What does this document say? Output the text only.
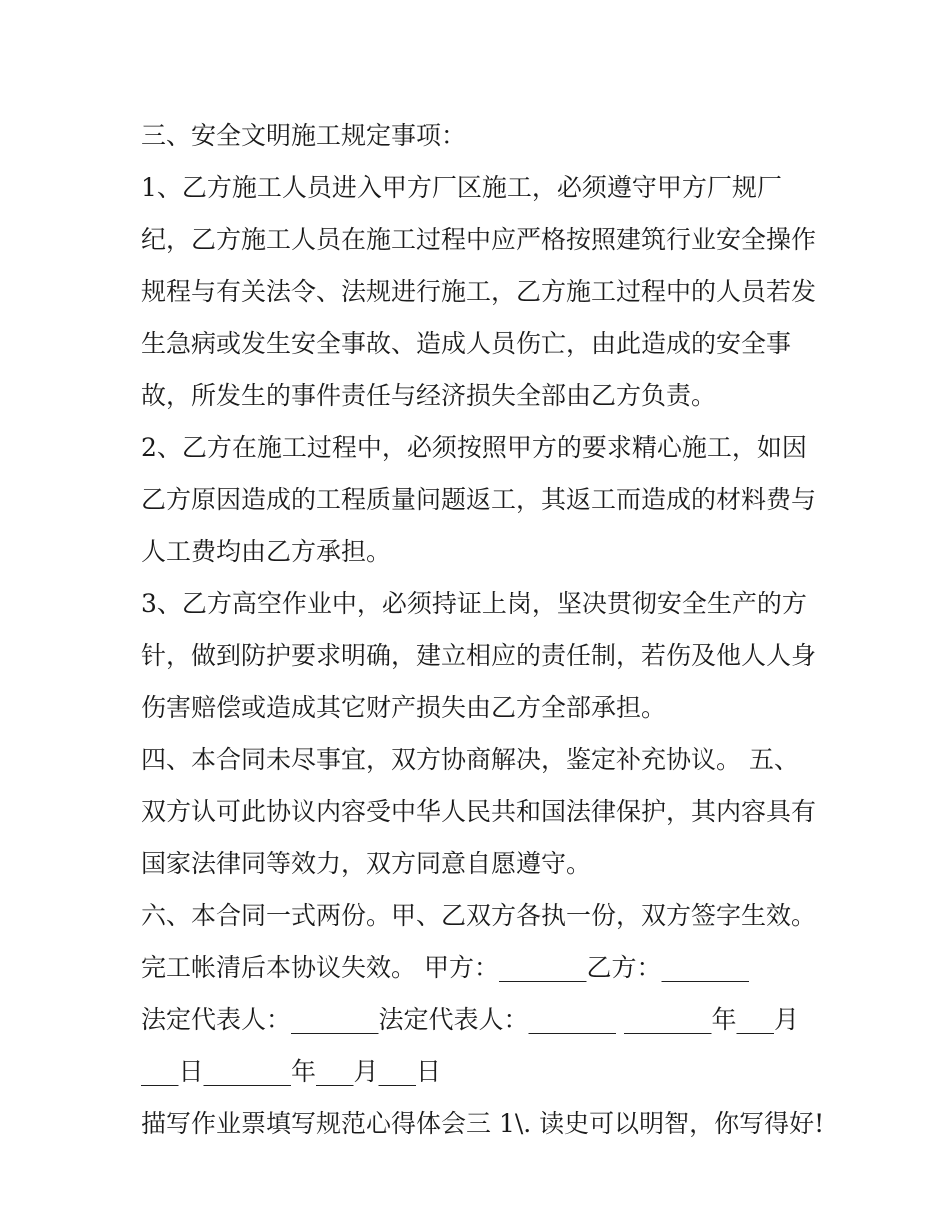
三、安全文明施工规定事项：
1、乙方施工人员进入甲方厂区施工，必须遵守甲方厂规厂
纪，乙方施工人员在施工过程中应严格按照建筑行业安全操作
规程与有关法令、法规进行施工，乙方施工过程中的人员若发
生急病或发生安全事故、造成人员伤亡，由此造成的安全事
故，所发生的事件责任与经济损失全部由乙方负责。
2、乙方在施工过程中，必须按照甲方的要求精心施工，如因
乙方原因造成的工程质量问题返工，其返工而造成的材料费与
人工费均由乙方承担。
3、乙方高空作业中，必须持证上岗，坚决贯彻安全生产的方
针，做到防护要求明确，建立相应的责任制，若伤及他人人身
伤害赔偿或造成其它财产损失由乙方全部承担。
四、本合同未尽事宜，双方协商解决，鉴定补充协议。 五、
双方认可此协议内容受中华人民共和国法律保护，其内容具有
国家法律同等效力，双方同意自愿遵守。
六、本合同一式两份。甲、乙双方各执一份，双方签字生效。
完工帐清后本协议失效。 甲方：_______乙方：_______
法定代表人：_______法定代表人：_______ _______年___月
___日_______年___月___日
描写作业票填写规范心得体会三 1\. 读史可以明智，你写得好!
